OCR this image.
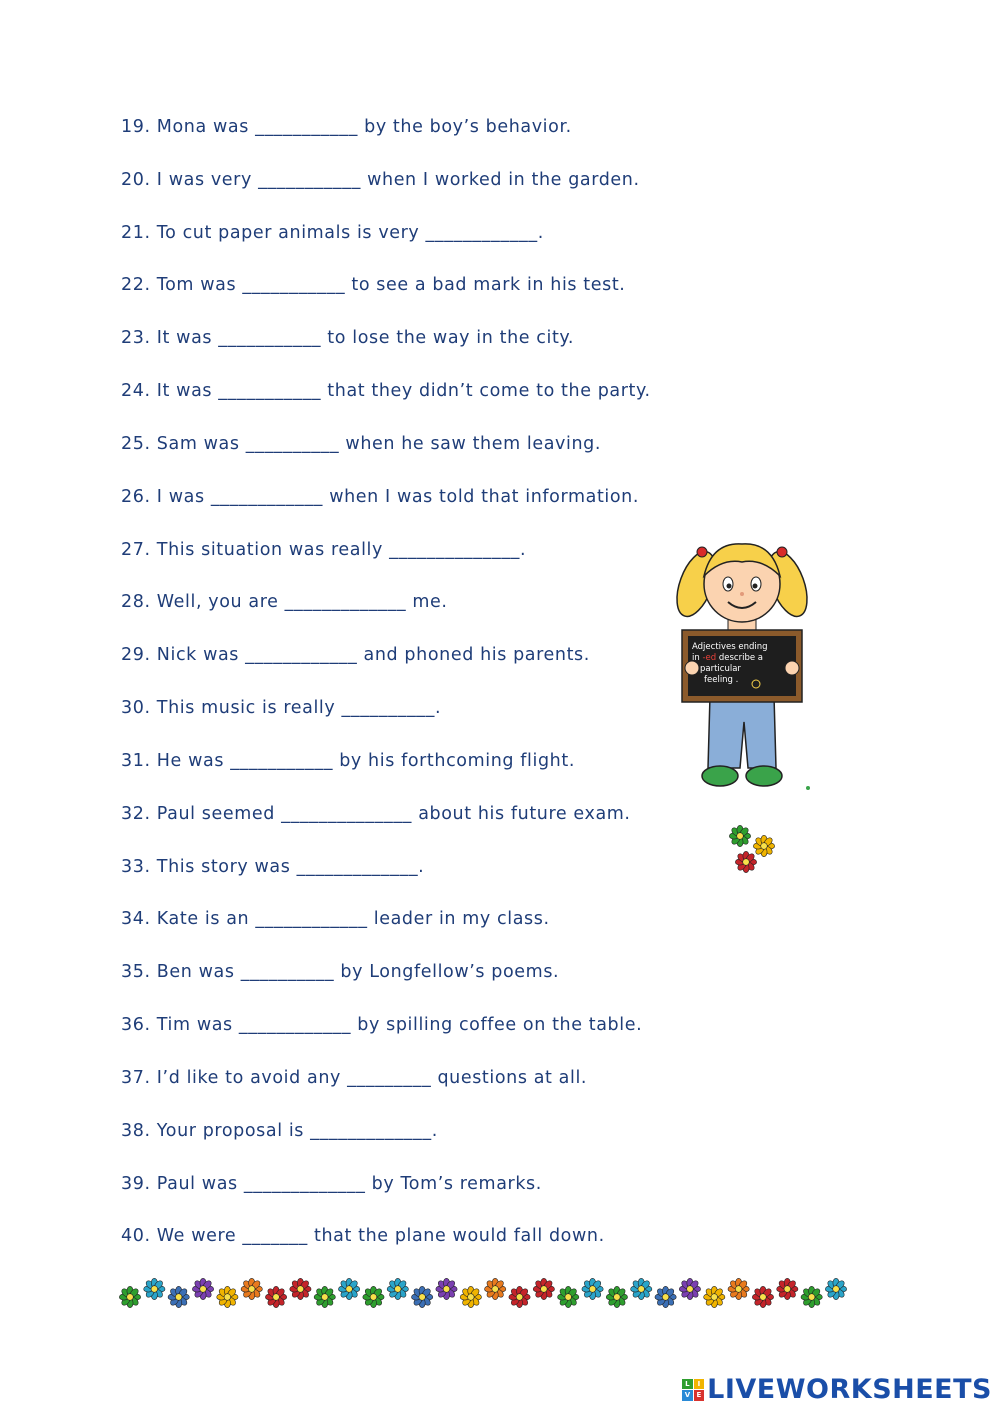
19. Mona was ___________ by the boy’s behavior.
20. I was very ___________ when I worked in the garden.
21. To cut paper animals is very ____________.
22. Tom was ___________ to see a bad mark in his test.
23. It was ___________ to lose the way in the city.
24. It was ___________ that they didn’t come to the party.
25. Sam was __________ when he saw them leaving.
26. I was ____________ when I was told that information.
27. This situation was really ______________.
28. Well, you are _____________ me.
29. Nick was ____________ and phoned his parents.
30. This music is really __________.
31. He was ___________ by his forthcoming flight.
32. Paul seemed ______________ about his future exam.
33. This story was _____________.
34. Kate is an ____________ leader in my class.
35. Ben was __________ by Longfellow’s poems.
36. Tim was ____________ by spilling coffee on the table.
37. I’d like to avoid any _________ questions at all.
38. Your proposal is _____________.
39. Paul was _____________ by Tom’s remarks.
40. We were _______ that the plane would fall down.
Adjectives ending
in -ed describe a
particular
feeling .
L	I
V E LIVEWORKSHEETS
